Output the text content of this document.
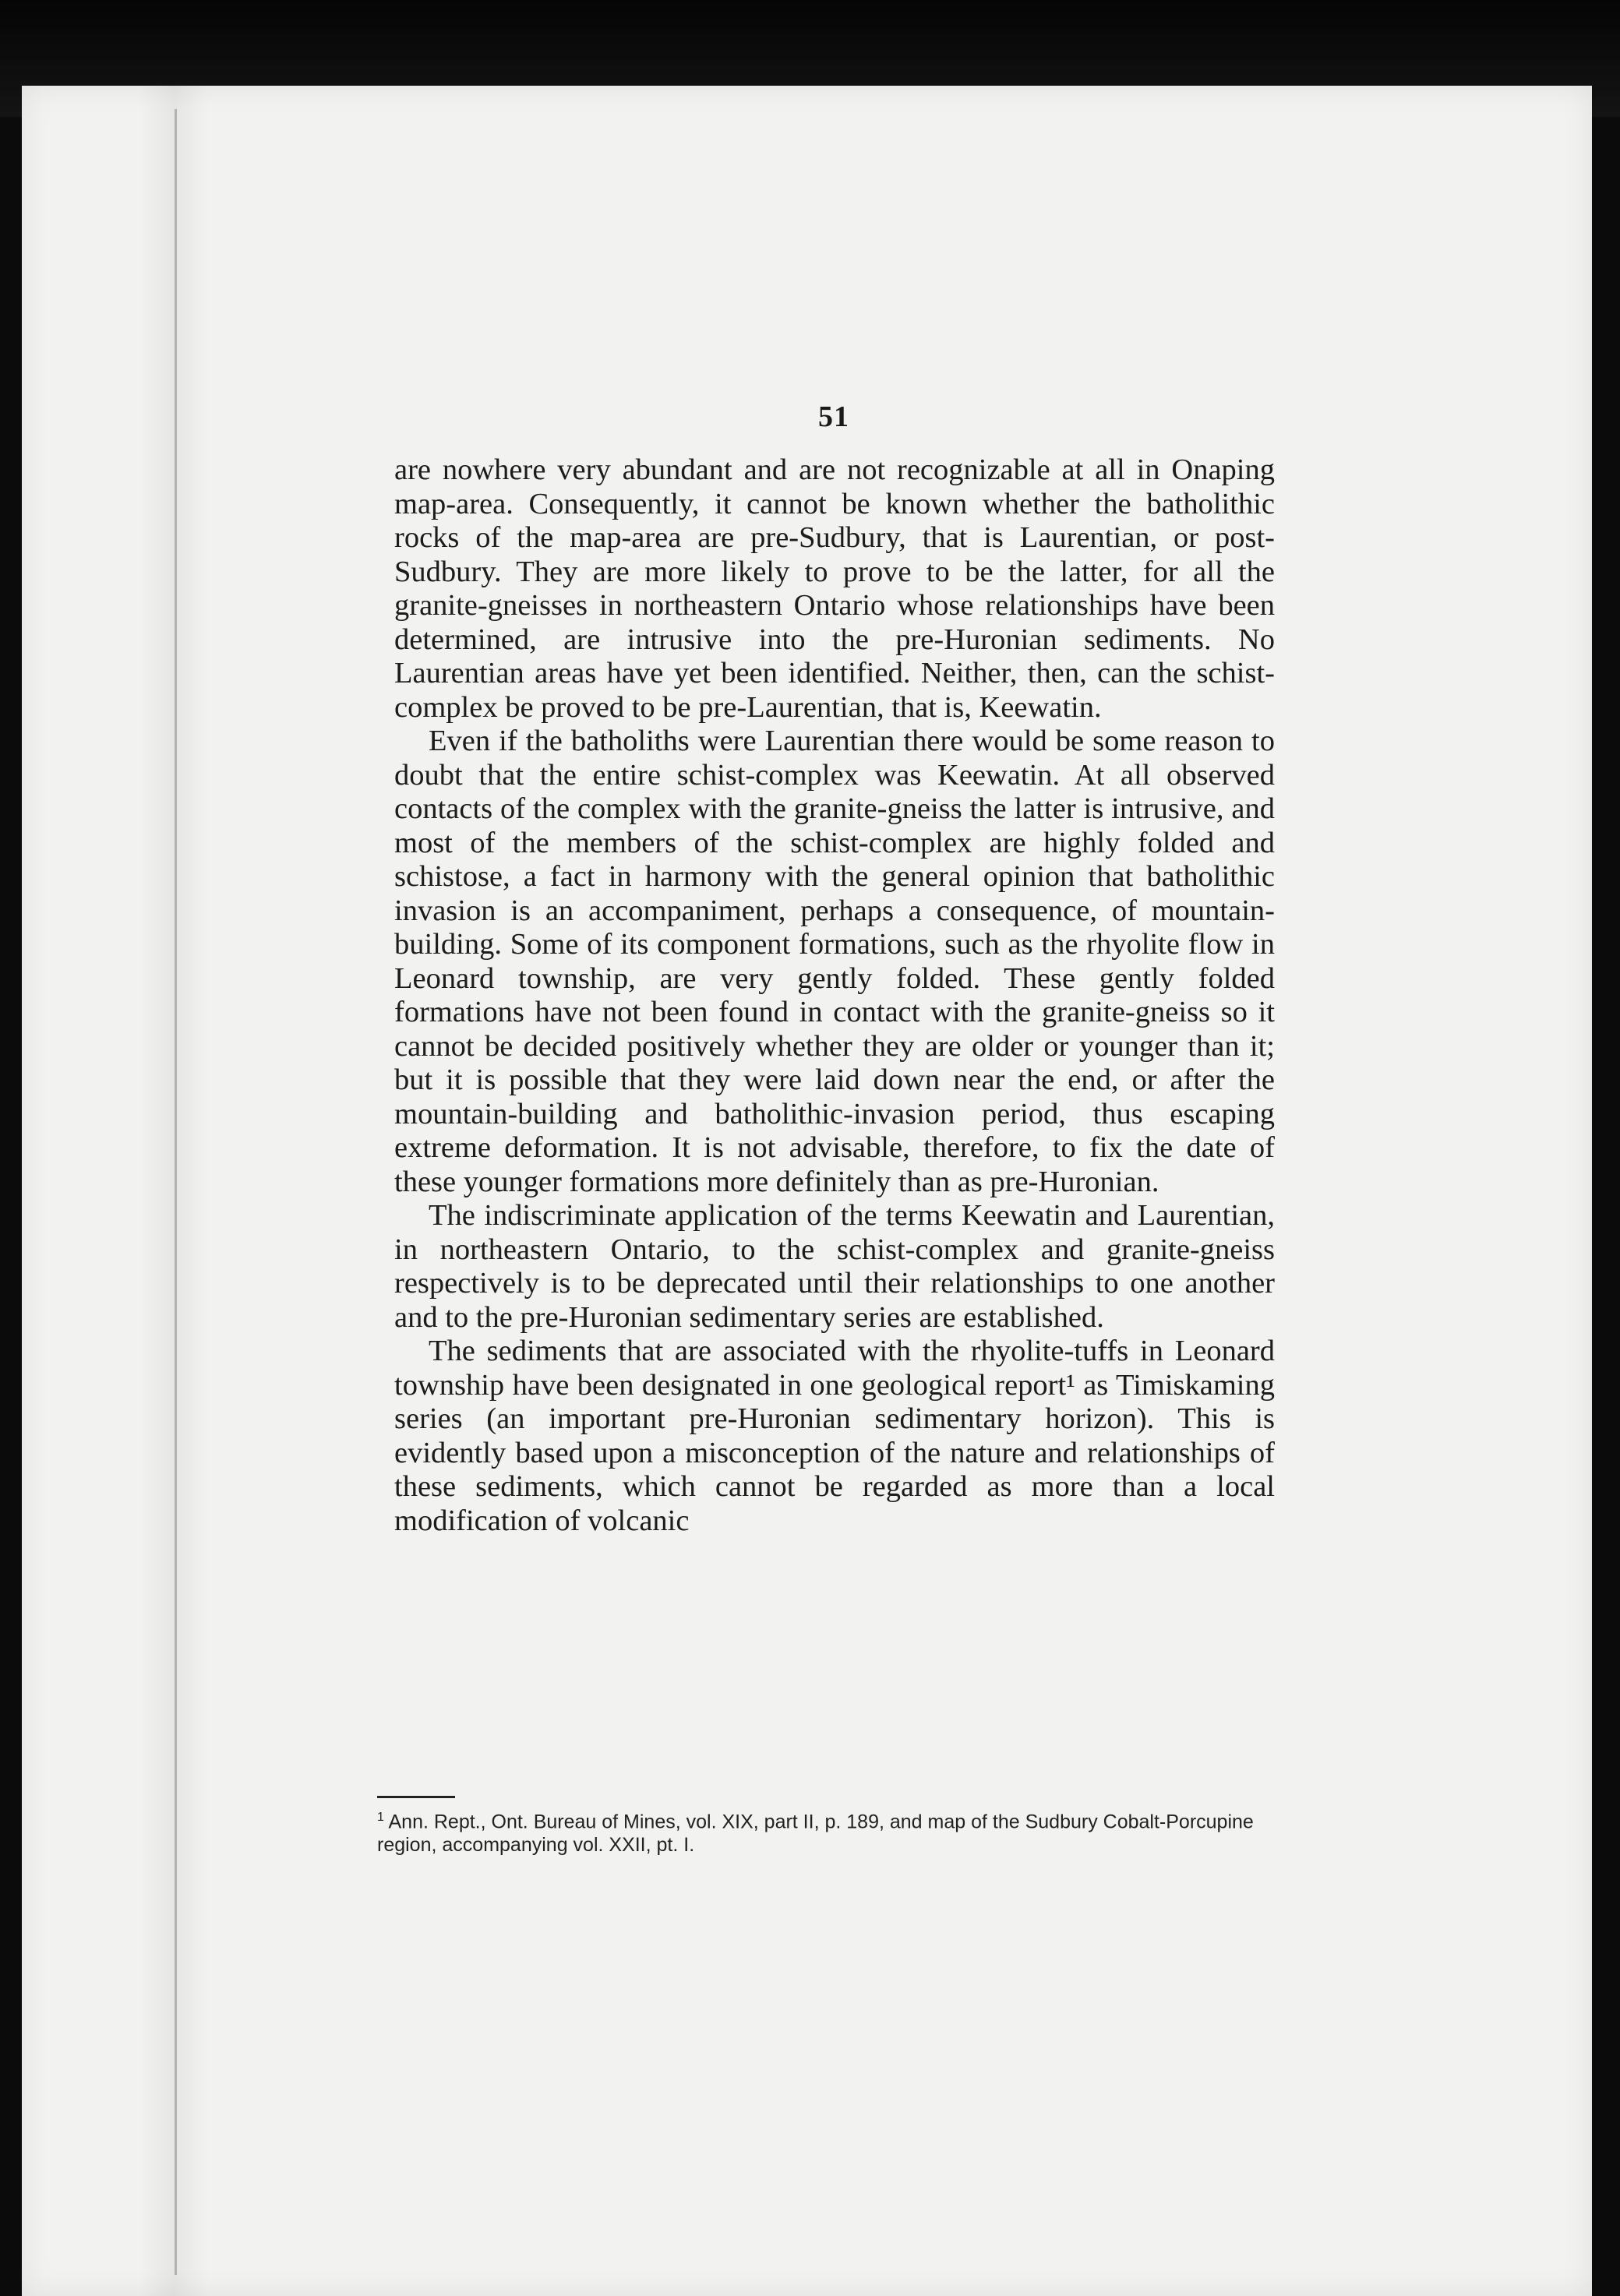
51

are nowhere very abundant and are not recognizable at all in Onaping map-area. Consequently, it cannot be known whether the batholithic rocks of the map-area are pre-Sudbury, that is Laurentian, or post-Sudbury. They are more likely to prove to be the latter, for all the granite-gneisses in northeastern Ontario whose relationships have been determined, are intrusive into the pre-Huronian sediments. No Laurentian areas have yet been identified. Neither, then, can the schist-complex be proved to be pre-Laurentian, that is, Keewatin.

Even if the batholiths were Laurentian there would be some reason to doubt that the entire schist-complex was Keewatin. At all observed contacts of the complex with the granite-gneiss the latter is intrusive, and most of the members of the schist-complex are highly folded and schistose, a fact in harmony with the general opinion that batholithic invasion is an accompaniment, perhaps a consequence, of mountain-building. Some of its component formations, such as the rhyolite flow in Leonard township, are very gently folded. These gently folded formations have not been found in contact with the granite-gneiss so it cannot be decided positively whether they are older or younger than it; but it is possible that they were laid down near the end, or after the mountain-building and batholithic-invasion period, thus escaping extreme deformation. It is not advisable, therefore, to fix the date of these younger formations more definitely than as pre-Huronian.

The indiscriminate application of the terms Keewatin and Laurentian, in northeastern Ontario, to the schist-complex and granite-gneiss respectively is to be deprecated until their relationships to one another and to the pre-Huronian sedimentary series are established.

The sediments that are associated with the rhyolite-tuffs in Leonard township have been designated in one geological report¹ as Timiskaming series (an important pre-Huronian sedimentary horizon). This is evidently based upon a misconception of the nature and relationships of these sediments, which cannot be regarded as more than a local modification of volcanic

$^1$ Ann. Rept., Ont. Bureau of Mines, vol. XIX, part II, p. 189, and map of the Sudbury Cobalt-Porcupine region, accompanying vol. XXII, pt. I.
